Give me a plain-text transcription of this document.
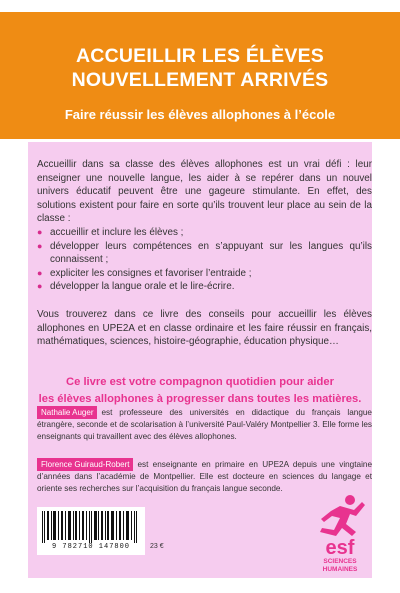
ACCUEILLIR LES ÉLÈVES
NOUVELLEMENT ARRIVÉS
Faire réussir les élèves allophones à l’école

Accueillir dans sa classe des élèves allophones est un vrai défi : leur enseigner une nouvelle langue, les aider à se repérer dans un nouvel univers éducatif peuvent être une gageure stimulante. En effet, des solutions existent pour faire en sorte qu’ils trouvent leur place au sein de la classe :

● accueillir et inclure les élèves ;
● développer leurs compétences en s’appuyant sur les langues qu’ils connaissent ;
● expliciter les consignes et favoriser l’entraide ;
● développer la langue orale et le lire-écrire.
Vous trouverez dans ce livre des conseils pour accueillir les élèves allophones en UPE2A et en classe ordinaire et les faire réussir en français, mathématiques, sciences, histoire-géographie, éducation physique…
Ce livre est votre compagnon quotidien pour aider
les élèves allophones à progresser dans toutes les matières.
Nathalie Auger est professeure des universités en didactique du français langue étrangère, seconde et de scolarisation à l’université Paul-Valéry Montpellier 3. Elle forme les enseignants qui travaillent avec des élèves allophones.
Florence Guiraud-Robert est enseignante en primaire en UPE2A depuis une vingtaine d’années dans l’académie de Montpellier. Elle est docteure en sciences du langage et oriente ses recherches sur l’acquisition du français langue seconde.
9 782710 147800	23 €	esf
SCIENCES
HUMAINES
